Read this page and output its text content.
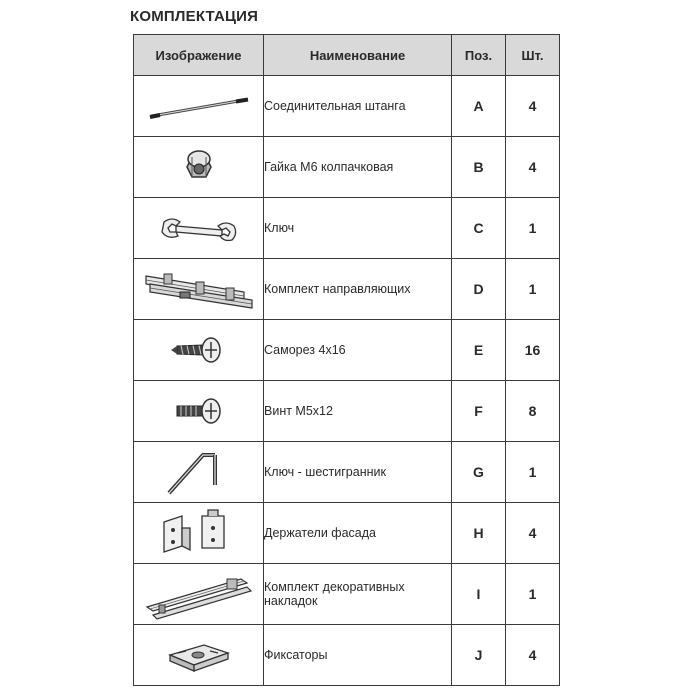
КОМПЛЕКТАЦИЯ
Изображение	Наименование	Поз.	Шт.

	Соединительная штанга	A	4

	Гайка М6 колпачковая	B	4

	Ключ	C	1

	Комплект направляющих	D	1

	Саморез 4х16	E	16

	Винт М5х12	F	8

	Ключ - шестигранник	G	1

	Держатели фасада	H	4

	Комплект декоративных накладок	I	1

	Фиксаторы	J	4
